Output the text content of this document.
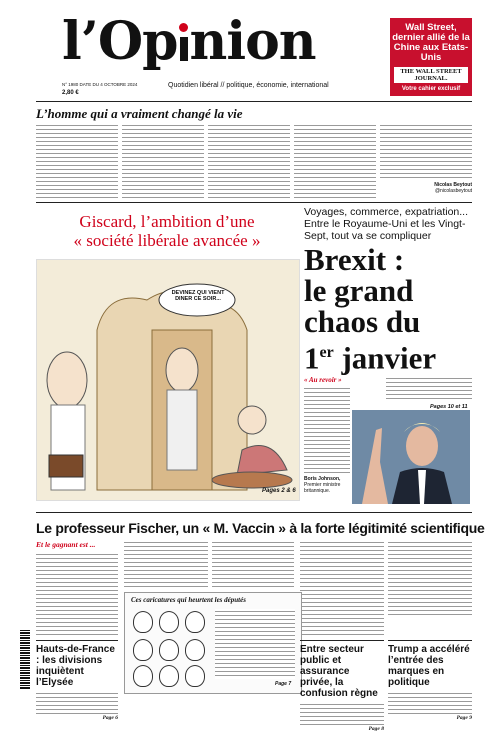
l’Op nion
N° 1980 DATE DU 4 OCTOBRE 2024
2,80 €
Quotidien libéral // politique, économie, international
Wall Street, dernier allié de la Chine aux Etats-Unis
THE WALL STREET JOURNAL.
Votre cahier exclusif
L’homme qui a vraiment changé la vie
Nicolas Beytout
@nicolasbeytout
Giscard, l’ambition d’une
« société libérale avancée »
DEVINEZ QUI VIENT DINER CE SOIR...
Pages 2 & 6
Voyages, commerce, expatriation... Entre le Royaume-Uni et les Vingt-Sept, tout va se compliquer
Brexit :
le grand
chaos du
1er janvier
« Au revoir »
Pages 10 et 11
Boris Johnson,
Premier ministre britannique.
Le professeur Fischer, un « M. Vaccin » à la forte légitimité scientifique
Et le gagnant est ...
Ces caricatures qui heurtent les députés
Page 7
Hauts-de-France : les divisions inquiètent l’Elysée
Page 6
Entre secteur public et assurance privée, la confusion règne
Page 8
Trump a accéléré l’entrée des marques en politique
Page 9
